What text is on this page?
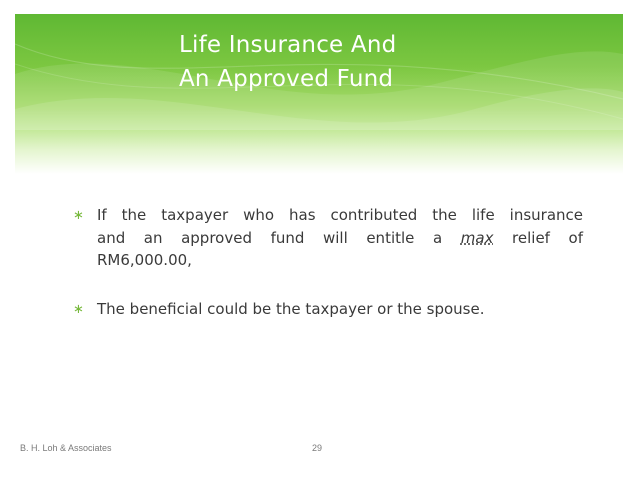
Life Insurance And
An Approved Fund
∗ If the taxpayer who has contributed the life insurance
and an approved fund will entitle a max relief of
RM6,000.00,
∗ The beneficial could be the taxpayer or the spouse.
B. H. Loh & Associates	29
